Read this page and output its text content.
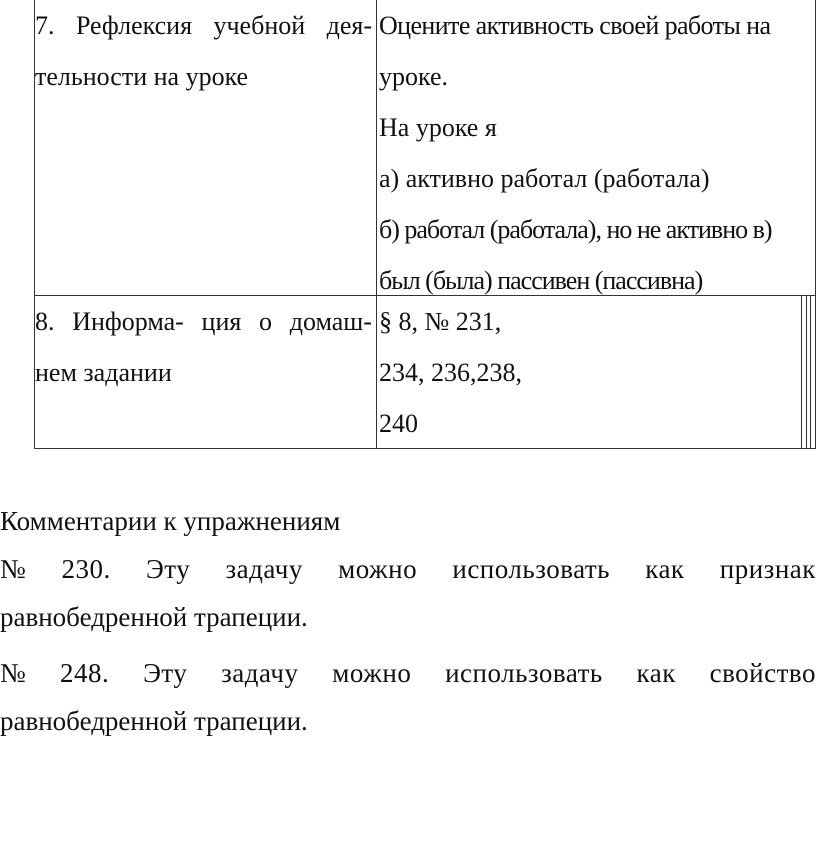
7. Рефлексия учебной дея-
тельности на уроке
Оцените активность своей работы на
уроке.
На уроке я
а) активно работал (работала)
б) работал (работала), но не активно в)
был (была) пассивен (пассивна)
8. Информа- ция о домаш-
нем задании
§ 8, № 231,
234, 236,238,
240
Комментарии к упражнениям
№ 230. Эту задачу можно использовать как признак
равнобедренной трапеции.
№ 248. Эту задачу можно использовать как свойство
равнобедренной трапеции.
